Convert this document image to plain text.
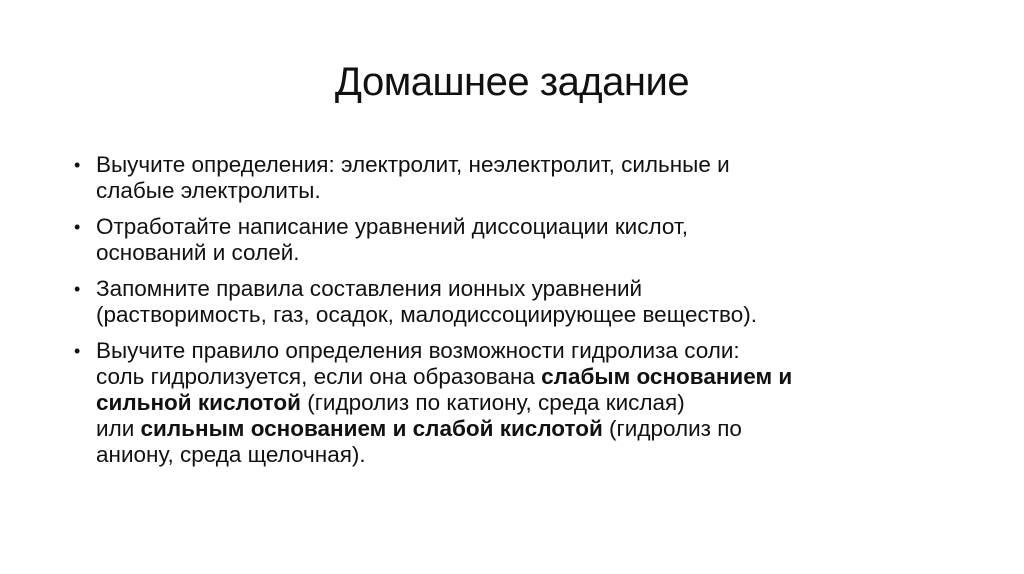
Домашнее задание
• Выучите определения: электролит, неэлектролит, сильные и
слабые электролиты.
• Отработайте написание уравнений диссоциации кислот,
оснований и солей.
• Запомните правила составления ионных уравнений
(растворимость, газ, осадок, малодиссоциирующее вещество).
• Выучите правило определения возможности гидролиза соли:
соль гидролизуется, если она образована слабым основанием и
сильной кислотой (гидролиз по катиону, среда кислая)
или сильным основанием и слабой кислотой (гидролиз по
аниону, среда щелочная).
